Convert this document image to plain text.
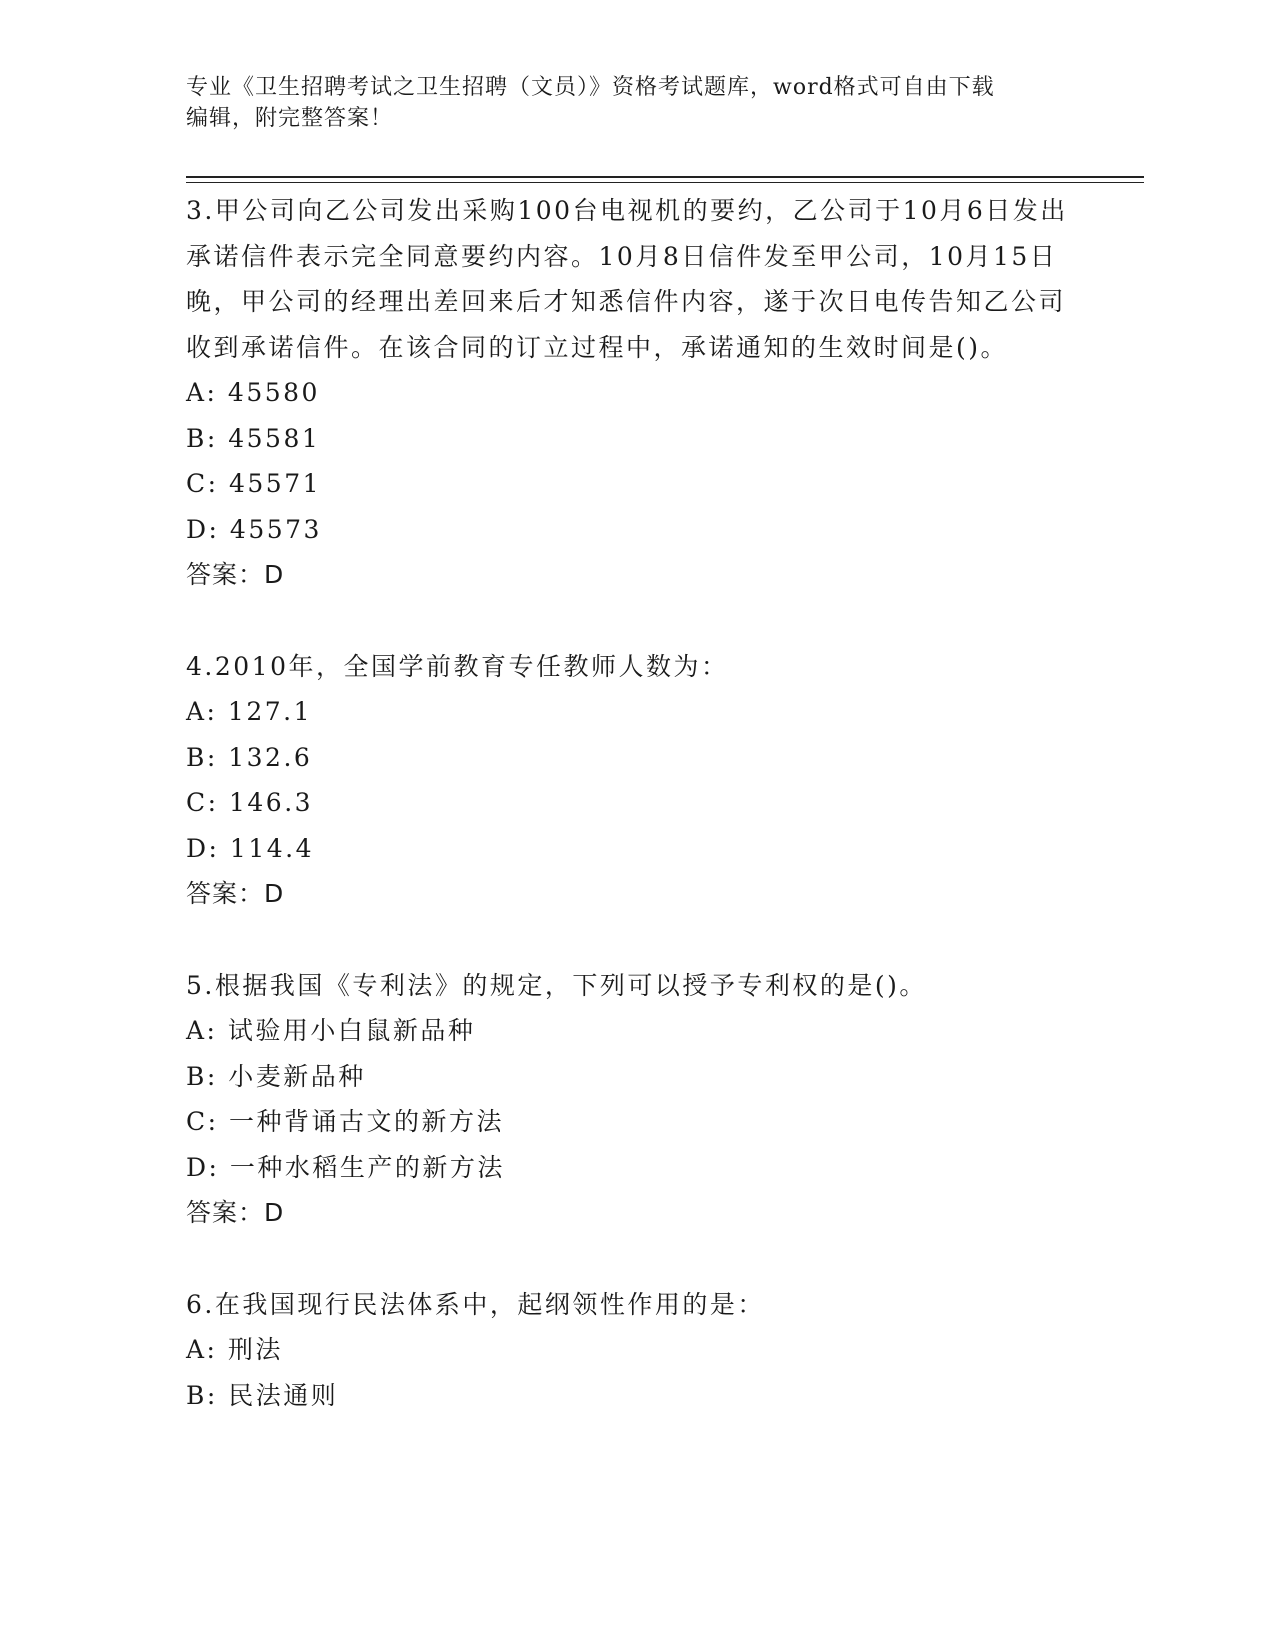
专业《卫生招聘考试之卫生招聘（文员）》资格考试题库，word格式可自由下载
编辑，附完整答案！
3.甲公司向乙公司发出采购100台电视机的要约，乙公司于10月6日发出承诺信件表示完全同意要约内容。10月8日信件发至甲公司，10月15日晚，甲公司的经理出差回来后才知悉信件内容，遂于次日电传告知乙公司收到承诺信件。在该合同的订立过程中，承诺通知的生效时间是()。
A: 45580
B: 45581
C: 45571
D: 45573
答案：D
4.2010年，全国学前教育专任教师人数为：
A: 127.1
B: 132.6
C: 146.3
D: 114.4
答案：D
5.根据我国《专利法》的规定，下列可以授予专利权的是()。
A: 试验用小白鼠新品种
B: 小麦新品种
C: 一种背诵古文的新方法
D: 一种水稻生产的新方法
答案：D
6.在我国现行民法体系中，起纲领性作用的是：
A: 刑法
B: 民法通则
